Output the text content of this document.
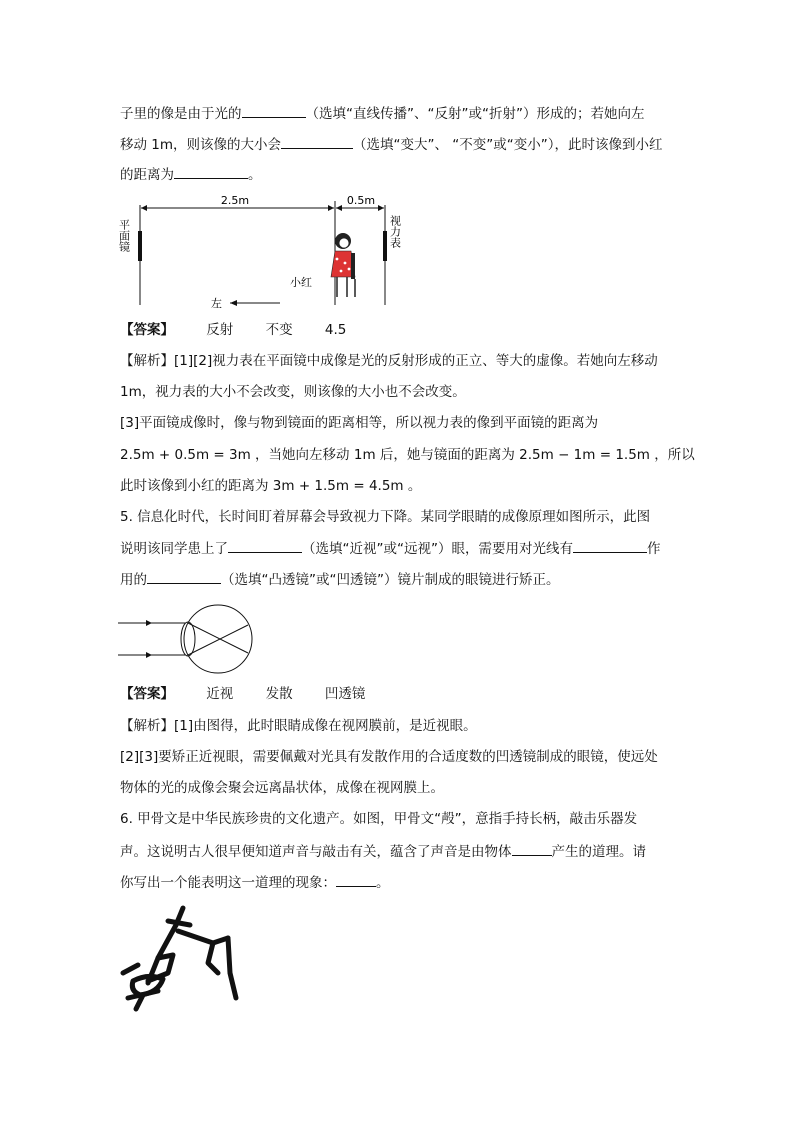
子里的像是由于光的	（选填“直线传播”、“反射”或“折射”）形成的；若她向左
移动 1m，则该像的大小会	（选填“变大”、 “不变”或“变小”），此时该像到小红
的距离为	。
2.5m	0.5m
平面镜	视力表
小红
左
【答案】 反射 不变 4.5
【解析】[1][2]视力表在平面镜中成像是光的反射形成的正立、等大的虚像。若她向左移动
1m，视力表的大小不会改变，则该像的大小也不会改变。
[3]平面镜成像时，像与物到镜面的距离相等，所以视力表的像到平面镜的距离为
2.5m + 0.5m = 3m ，当她向左移动 1m 后，她与镜面的距离为 2.5m − 1m = 1.5m ，所以
此时该像到小红的距离为 3m + 1.5m = 4.5m 。
5. 信息化时代，长时间盯着屏幕会导致视力下降。某同学眼睛的成像原理如图所示，此图
说明该同学患上了	（选填“近视”或“远视”）眼，需要用对光线有	作
用的	（选填“凸透镜”或“凹透镜”）镜片制成的眼镜进行矫正。
【答案】 近视 发散 凹透镜
【解析】[1]由图得，此时眼睛成像在视网膜前，是近视眼。
[2][3]要矫正近视眼，需要佩戴对光具有发散作用的合适度数的凹透镜制成的眼镜，使远处
物体的光的成像会聚会远离晶状体，成像在视网膜上。
6. 甲骨文是中华民族珍贵的文化遗产。如图，甲骨文“殸”，意指手持长柄，敲击乐器发
声。这说明古人很早便知道声音与敲击有关，蕴含了声音是由物体	产生的道理。请
你写出一个能表明这一道理的现象：	。
